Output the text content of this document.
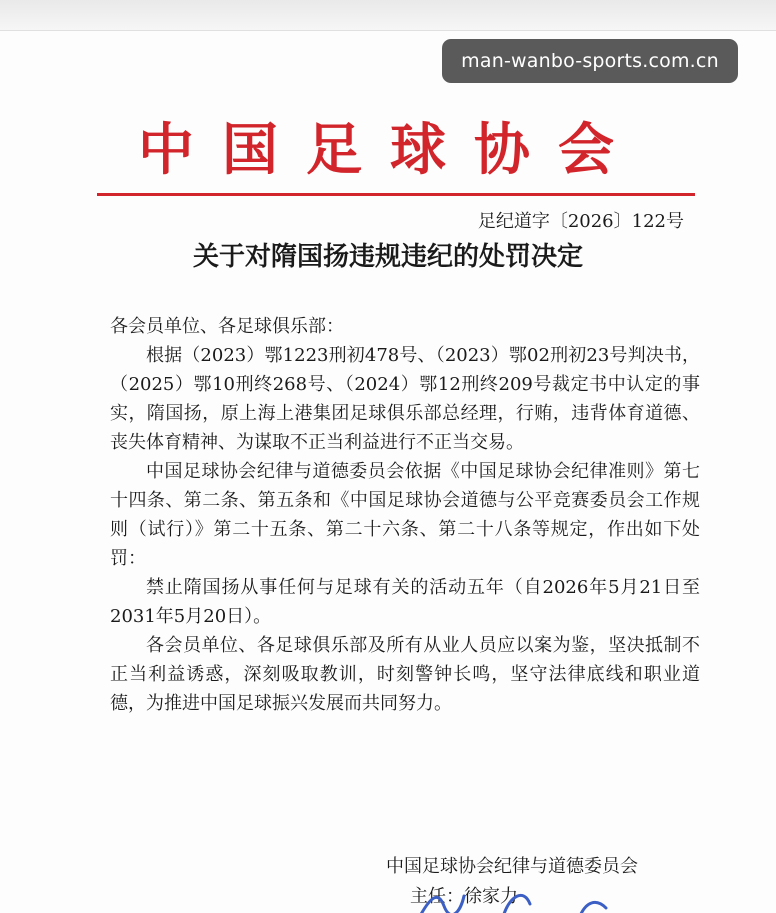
man-wanbo-sports.com.cn
中国足球协会
足纪道字〔2026〕122号
关于对隋国扬违规违纪的处罚决定

各会员单位、各足球俱乐部：

根据（2023）鄂1223刑初478号、（2023）鄂02刑初23号判决书，（2025）鄂10刑终268号、（2024）鄂12刑终209号裁定书中认定的事实，隋国扬，原上海上港集团足球俱乐部总经理，行贿，违背体育道德、丧失体育精神、为谋取不正当利益进行不正当交易。

中国足球协会纪律与道德委员会依据《中国足球协会纪律准则》第七十四条、第二条、第五条和《中国足球协会道德与公平竞赛委员会工作规则（试行）》第二十五条、第二十六条、第二十八条等规定，作出如下处罚：

禁止隋国扬从事任何与足球有关的活动五年（自2026年5月21日至2031年5月20日）。

各会员单位、各足球俱乐部及所有从业人员应以案为鉴，坚决抵制不正当利益诱惑，深刻吸取教训，时刻警钟长鸣，坚守法律底线和职业道德，为推进中国足球振兴发展而共同努力。

中国足球协会纪律与道德委员会
主任：徐家力
